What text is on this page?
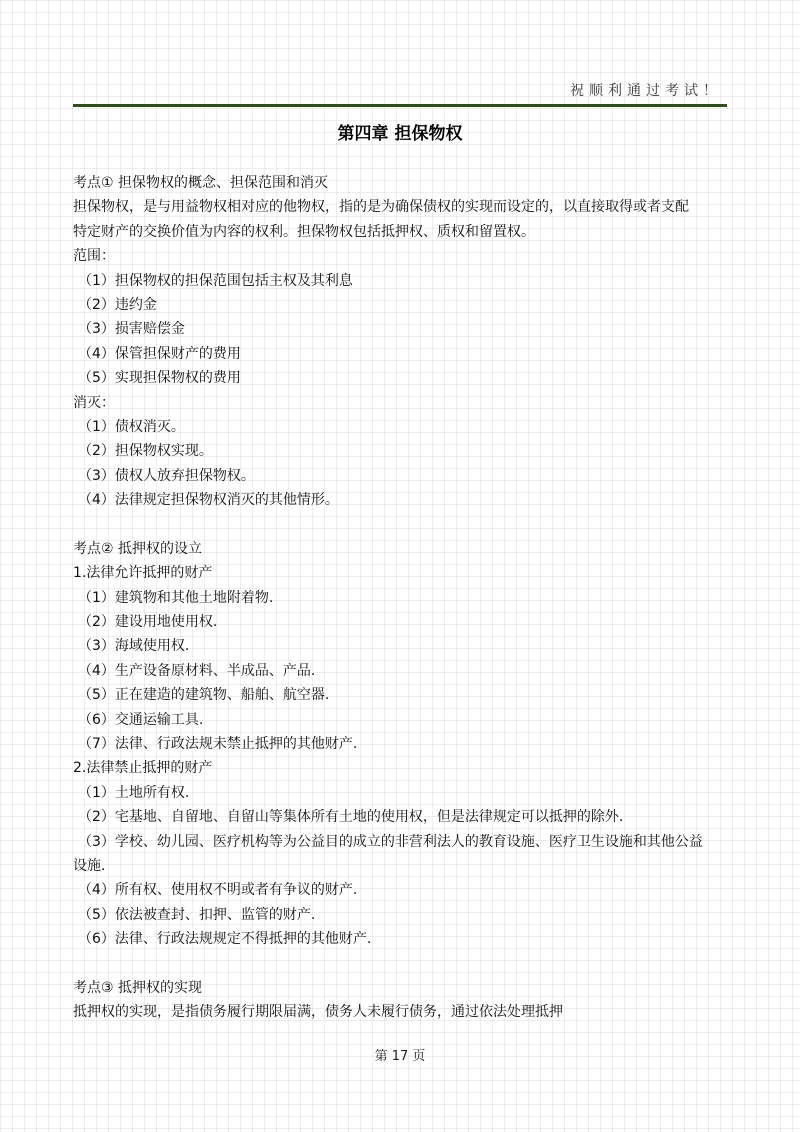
祝顺利通过考试！
第四章 担保物权
考点① 担保物权的概念、担保范围和消灭
担保物权，是与用益物权相对应的他物权，指的是为确保债权的实现而设定的，以直接取得或者支配
特定财产的交换价值为内容的权利。担保物权包括抵押权、质权和留置权。
范围：
（1）担保物权的担保范围包括主权及其利息
（2）违约金
（3）损害赔偿金
（4）保管担保财产的费用
（5）实现担保物权的费用
消灭：
（1）债权消灭。
（2）担保物权实现。
（3）债权人放弃担保物权。
（4）法律规定担保物权消灭的其他情形。
考点② 抵押权的设立
1.法律允许抵押的财产
（1）建筑物和其他土地附着物.
（2）建设用地使用权.
（3）海域使用权.
（4）生产设备原材料、半成品、产品.
（5）正在建造的建筑物、船舶、航空器.
（6）交通运输工具.
（7）法律、行政法规未禁止抵押的其他财产.
2.法律禁止抵押的财产
（1）土地所有权.
（2）宅基地、自留地、自留山等集体所有土地的使用权，但是法律规定可以抵押的除外.
（3）学校、幼儿园、医疗机构等为公益目的成立的非营利法人的教育设施、医疗卫生设施和其他公益
设施.
（4）所有权、使用权不明或者有争议的财产.
（5）依法被查封、扣押、监管的财产.
（6）法律、行政法规规定不得抵押的其他财产.
考点③ 抵押权的实现
抵押权的实现，是指债务履行期限届满，债务人未履行债务，通过依法处理抵押
第 17 页
